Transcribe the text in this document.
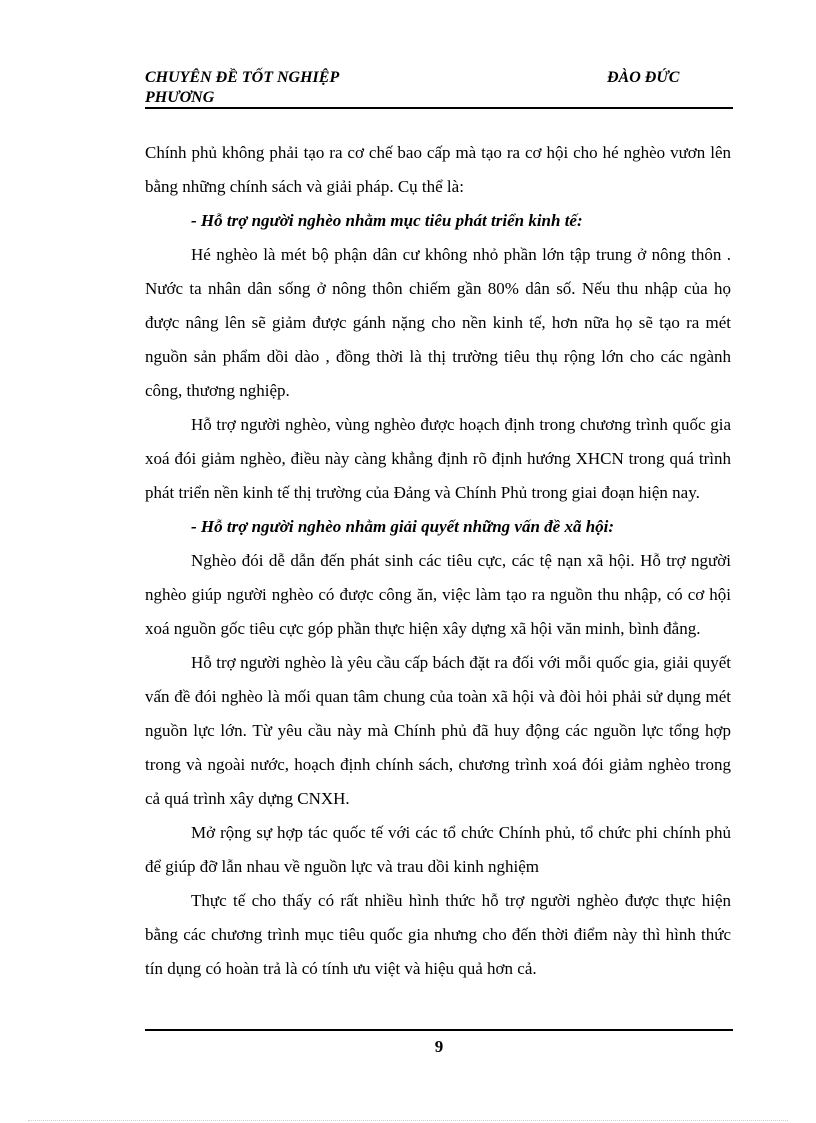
CHUYÊN ĐỀ TỐT NGHIỆP
PHƯƠNG
ĐÀO ĐỨC

Chính phủ không phải tạo ra cơ chế bao cấp mà tạo ra cơ hội cho hé nghèo vươn lên bằng những chính sách và giải pháp. Cụ thể là:

- Hỗ trợ người nghèo nhằm mục tiêu phát triển kinh tế:

Hé nghèo là mét bộ phận dân cư không nhỏ phần lớn tập trung ở nông thôn . Nước ta nhân dân sống ở nông thôn chiếm gần 80% dân số. Nếu thu nhập của họ được nâng lên sẽ giảm được gánh nặng cho nền kinh tế, hơn nữa họ sẽ tạo ra mét nguồn sản phẩm dồi dào , đồng thời là thị trường tiêu thụ rộng lớn cho các ngành công, thương nghiệp.

Hỗ trợ người nghèo, vùng nghèo được hoạch định trong chương trình quốc gia xoá đói giảm nghèo, điều này càng khẳng định rõ định hướng XHCN trong quá trình phát triển nền kinh tế thị trường của Đảng và Chính Phủ trong giai đoạn hiện nay.

- Hỗ trợ người nghèo nhằm giải quyết những vấn đề xã hội:

Nghèo đói dễ dẫn đến phát sinh các tiêu cực, các tệ nạn xã hội. Hỗ trợ người nghèo giúp người nghèo có được công ăn, việc làm tạo ra nguồn thu nhập, có cơ hội xoá nguồn gốc tiêu cực góp phần thực hiện xây dựng xã hội văn minh, bình đẳng.

Hỗ trợ người nghèo là yêu cầu cấp bách đặt ra đối với mỗi quốc gia, giải quyết vấn đề đói nghèo là mối quan tâm chung của toàn xã hội và đòi hỏi phải sử dụng mét nguồn lực lớn. Từ yêu cầu này mà Chính phủ đã huy động các nguồn lực tổng hợp trong và ngoài nước, hoạch định chính sách, chương trình xoá đói giảm nghèo trong cả quá trình xây dựng CNXH.

Mở rộng sự hợp tác quốc tế với các tổ chức Chính phủ, tổ chức phi chính phủ để giúp đỡ lẫn nhau về nguồn lực và trau dồi kinh nghiệm

Thực tế cho thấy có rất nhiều hình thức hỗ trợ người nghèo được thực hiện bằng các chương trình mục tiêu quốc gia nhưng cho đến thời điểm này thì hình thức tín dụng có hoàn trả là có tính ưu việt và hiệu quả hơn cả.

9
